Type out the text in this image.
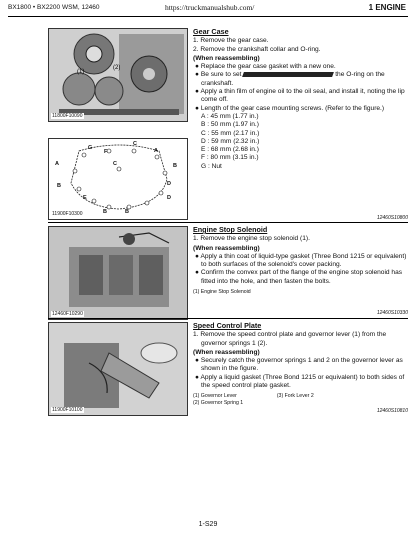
BX1800 • BX2200 WSM, 12460	https://truckmanualshub.com/	1 ENGINE
(1)
(2)
11800F10090
G
C
A
F
A	B
B	D
E	D
C
B	B
11900F10300
12460F10290
11900F10100
Gear Case

1. Remove the gear case.

2. Remove the crankshaft collar and O-ring.

(When reassembling)

● Replace the gear case gasket with a new one.

● Be sure to set	the O-ring on the crankshaft.

● Apply a thin film of engine oil to the oil seal, and install it, noting the lip come off.

● Length of the gear case mounting screws. (Refer to the figure.)

A : 45 mm (1.77 in.)

B : 50 mm (1.97 in.)

C : 55 mm (2.17 in.)

D : 59 mm (2.32 in.)

E : 68 mm (2.68 in.)

F : 80 mm (3.15 in.)

G : Nut

12460S10800
Engine Stop Solenoid

1. Remove the engine stop solenoid (1).

(When reassembling)

● Apply a thin coat of liquid-type gasket (Three Bond 1215 or equivalent) to both surfaces of the solenoid's cover packing.

● Confirm the convex part of the flange of the engine stop solenoid has fitted into the hole, and then fasten the bolts.

(1) Engine Stop Solenoid

12460S10330
Speed Control Plate

1. Remove the speed control plate and governor lever (1) from the governor springs 1 (2).

(When reassembling)

● Securely catch the governor springs 1 and 2 on the governor lever as shown in the figure.

● Apply a liquid gasket (Three Bond 1215 or equivalent) to both sides of the speed control plate gasket.

(1) Governor Lever	(3) Fork Lever 2

(2) Governor Spring 1

12460S10810
1-S29
